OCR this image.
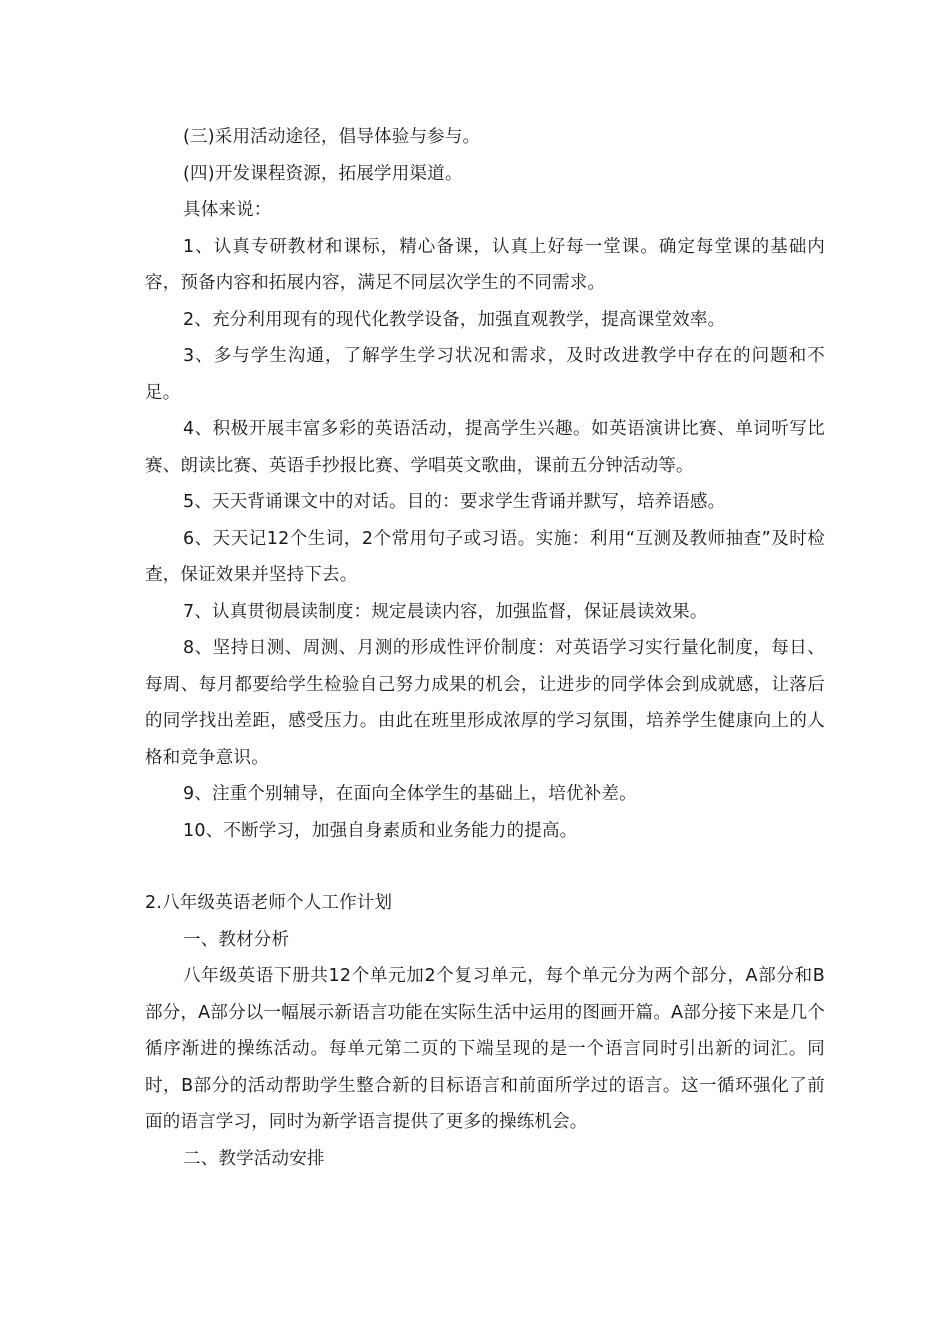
(三)采用活动途径，倡导体验与参与。

(四)开发课程资源，拓展学用渠道。

具体来说：

1、认真专研教材和课标，精心备课，认真上好每一堂课。确定每堂课的基础内容，预备内容和拓展内容，满足不同层次学生的不同需求。

2、充分利用现有的现代化教学设备，加强直观教学，提高课堂效率。

3、多与学生沟通，了解学生学习状况和需求，及时改进教学中存在的问题和不足。

4、积极开展丰富多彩的英语活动，提高学生兴趣。如英语演讲比赛、单词听写比赛、朗读比赛、英语手抄报比赛、学唱英文歌曲，课前五分钟活动等。

5、天天背诵课文中的对话。目的：要求学生背诵并默写，培养语感。

6、天天记12个生词，2个常用句子或习语。实施：利用“互测及教师抽查”及时检查，保证效果并坚持下去。

7、认真贯彻晨读制度：规定晨读内容，加强监督，保证晨读效果。

8、坚持日测、周测、月测的形成性评价制度：对英语学习实行量化制度，每日、每周、每月都要给学生检验自己努力成果的机会，让进步的同学体会到成就感，让落后的同学找出差距，感受压力。由此在班里形成浓厚的学习氛围，培养学生健康向上的人格和竞争意识。

9、注重个别辅导，在面向全体学生的基础上，培优补差。

10、不断学习，加强自身素质和业务能力的提高。

2.八年级英语老师个人工作计划

一、教材分析

八年级英语下册共12个单元加2个复习单元，每个单元分为两个部分，A部分和B部分，A部分以一幅展示新语言功能在实际生活中运用的图画开篇。A部分接下来是几个循序渐进的操练活动。每单元第二页的下端呈现的是一个语言同时引出新的词汇。同时，B部分的活动帮助学生整合新的目标语言和前面所学过的语言。这一循环强化了前面的语言学习，同时为新学语言提供了更多的操练机会。

二、教学活动安排
